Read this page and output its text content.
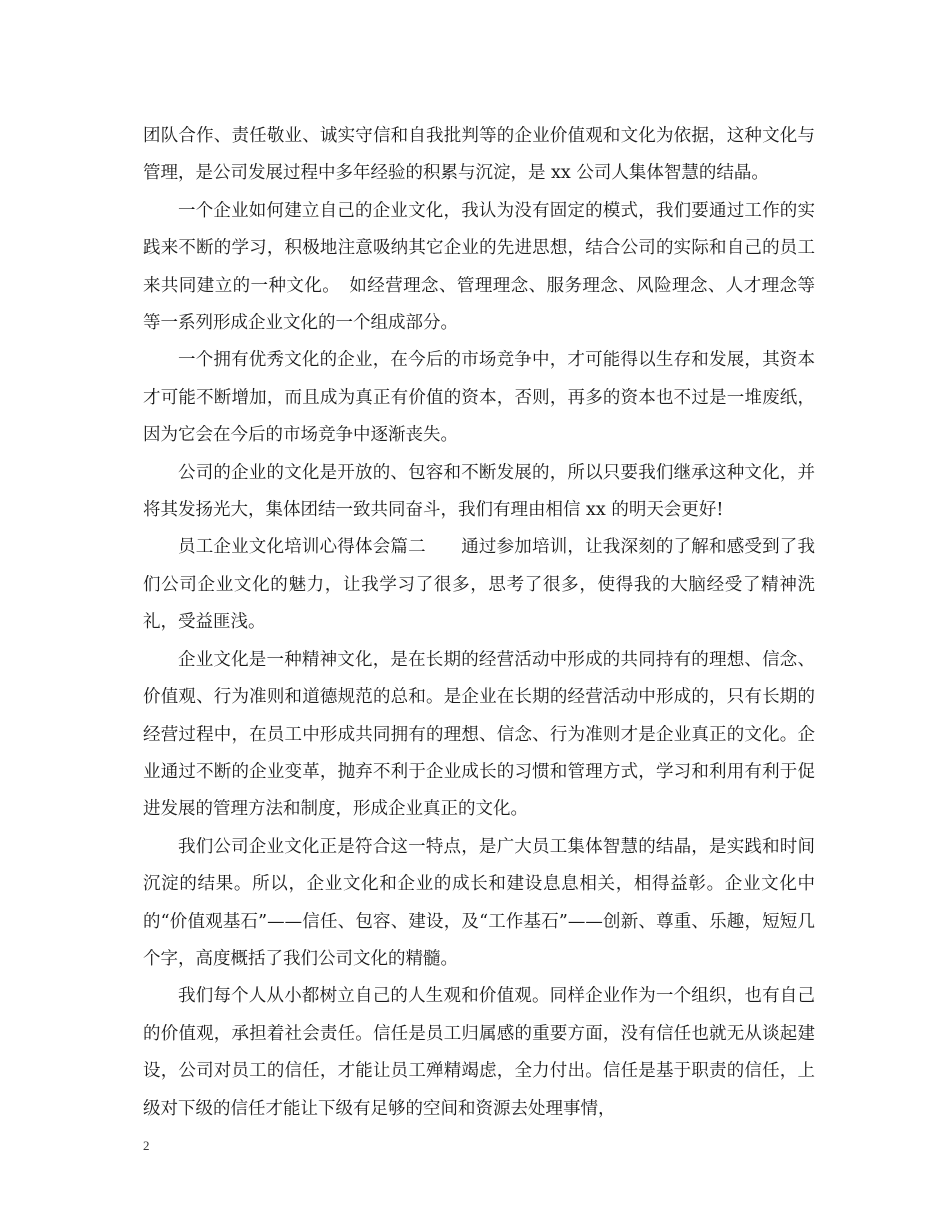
团队合作、责任敬业、诚实守信和自我批判等的企业价值观和文化为依据，这种文化与管理，是公司发展过程中多年经验的积累与沉淀，是 xx 公司人集体智慧的结晶。

一个企业如何建立自己的企业文化，我认为没有固定的模式，我们要通过工作的实践来不断的学习，积极地注意吸纳其它企业的先进思想，结合公司的实际和自己的员工来共同建立的一种文化。　如经营理念、管理理念、服务理念、风险理念、人才理念等等一系列形成企业文化的一个组成部分。

一个拥有优秀文化的企业，在今后的市场竞争中，才可能得以生存和发展，其资本才可能不断增加，而且成为真正有价值的资本，否则，再多的资本也不过是一堆废纸，因为它会在今后的市场竞争中逐渐丧失。

公司的企业的文化是开放的、包容和不断发展的，所以只要我们继承这种文化，并将其发扬光大，集体团结一致共同奋斗，我们有理由相信 xx 的明天会更好!

员工企业文化培训心得体会篇二　　通过参加培训，让我深刻的了解和感受到了我们公司企业文化的魅力，让我学习了很多，思考了很多，使得我的大脑经受了精神洗礼，受益匪浅。

企业文化是一种精神文化，是在长期的经营活动中形成的共同持有的理想、信念、价值观、行为准则和道德规范的总和。是企业在长期的经营活动中形成的，只有长期的经营过程中，在员工中形成共同拥有的理想、信念、行为准则才是企业真正的文化。企业通过不断的企业变革，抛弃不利于企业成长的习惯和管理方式，学习和利用有利于促进发展的管理方法和制度，形成企业真正的文化。

我们公司企业文化正是符合这一特点，是广大员工集体智慧的结晶，是实践和时间沉淀的结果。所以，企业文化和企业的成长和建设息息相关，相得益彰。企业文化中的“价值观基石”——信任、包容、建设，及“工作基石”——创新、尊重、乐趣，短短几个字，高度概括了我们公司文化的精髓。

我们每个人从小都树立自己的人生观和价值观。同样企业作为一个组织，也有自己的价值观，承担着社会责任。信任是员工归属感的重要方面，没有信任也就无从谈起建设，公司对员工的信任，才能让员工殚精竭虑，全力付出。信任是基于职责的信任，上级对下级的信任才能让下级有足够的空间和资源去处理事情，

2
